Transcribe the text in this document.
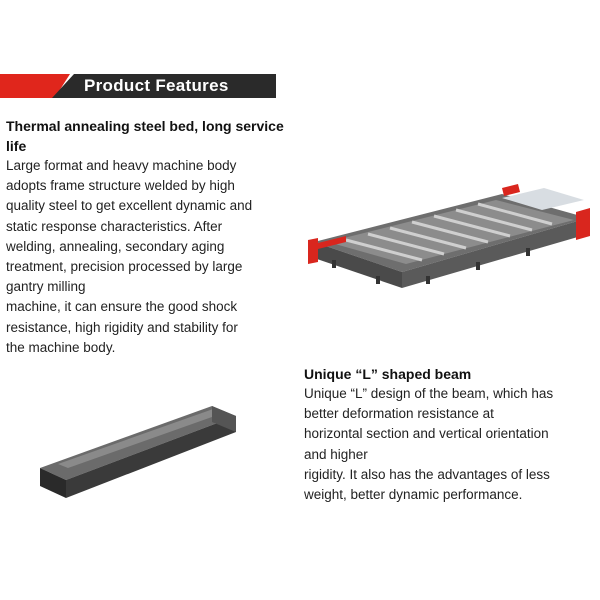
Product Features
Thermal annealing steel bed, long service life

Large format and heavy machine body
adopts frame structure welded by high
quality steel to get excellent dynamic and
static response characteristics. After
welding, annealing, secondary aging
treatment, precision processed by large
gantry milling
machine, it can ensure the good shock
resistance, high rigidity and stability for
the machine body.

Unique “L” shaped beam

Unique “L” design of the beam, which has
better deformation resistance at
horizontal section and vertical orientation
and higher
rigidity. It also has the advantages of less
weight, better dynamic performance.
